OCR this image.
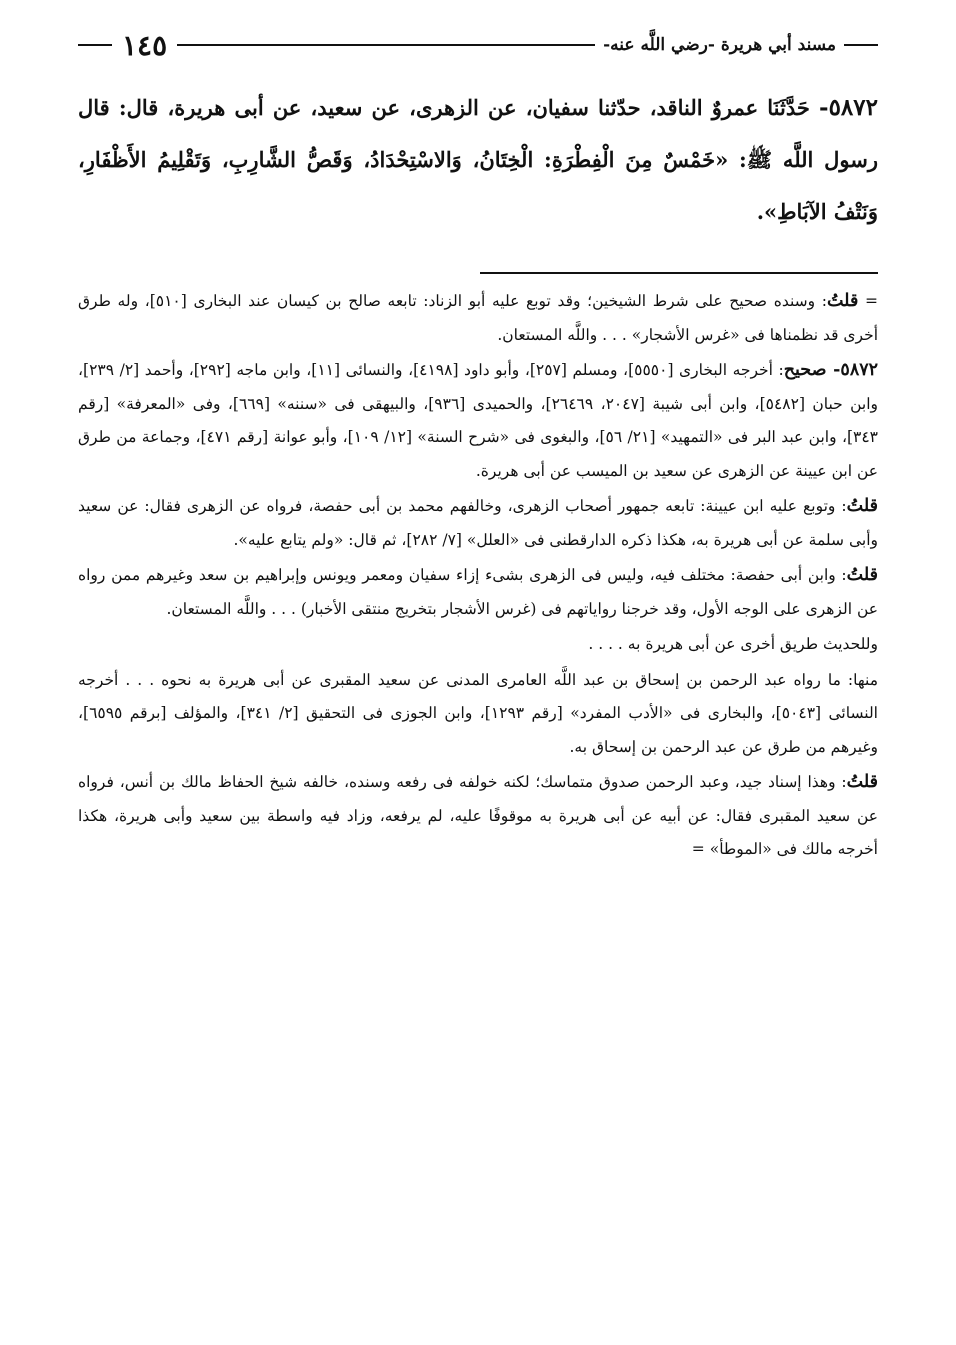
مسند أبي هريرة -رضي اللَّه عنه-
١٤٥
٥٨٧٢- حَدَّثَنَا عمروٌ الناقد، حدّثنا سفيان، عن الزهرى، عن سعيد، عن أبى هريرة، قال: قال رسول اللَّه ﷺ: «خَمْسٌ مِنَ الْفِطْرَةِ: الْخِتَانُ، وَالاسْتِحْدَادُ، وَقَصُّ الشَّارِبِ، وَتَقْلِيمُ الأَظْفَارِ، وَنَتْفُ الآبَاطِ».

= قلتُ: وسنده صحيح على شرط الشيخين؛ وقد توبع عليه أبو الزناد: تابعه صالح بن كيسان عند البخارى [٥١٠]، وله طرق أخرى قد نظمناها فى «غرس الأشجار» . . . واللَّه المستعان.

٥٨٧٢- صحيح: أخرجه البخارى [٥٥٥٠]، ومسلم [٢٥٧]، وأبو داود [٤١٩٨]، والنسائى [١١]، وابن ماجه [٢٩٢]، وأحمد [٢/ ٢٣٩]، وابن حبان [٥٤٨٢]، وابن أبى شيبة [٢٠٤٧، ٢٦٤٦٩]، والحميدى [٩٣٦]، والبيهقى فى «سننه» [٦٦٩]، وفى «المعرفة» [رقم ٣٤٣]، وابن عبد البر فى «التمهيد» [٢١/ ٥٦]، والبغوى فى «شرح السنة» [١٢/ ١٠٩]، وأبو عوانة [رقم ٤٧١]، وجماعة من طرق عن ابن عيينة عن الزهرى عن سعيد بن الميسب عن أبى هريرة.

قلتُ: وتوبع عليه ابن عيينة: تابعه جمهور أصحاب الزهرى، وخالفهم محمد بن أبى حفصة، فرواه عن الزهرى فقال: عن سعيد وأبى سلمة عن أبى هريرة به، هكذا ذكره الدارقطنى فى «العلل» [٧/ ٢٨٢]، ثم قال: «ولم يتابع عليه».

قلتُ: وابن أبى حفصة: مختلف فيه، وليس فى الزهرى بشىء إزاء سفيان ومعمر ويونس وإبراهيم بن سعد وغيرهم ممن رواه عن الزهرى على الوجه الأول، وقد خرجنا رواياتهم فى (غرس الأشجار بتخريج منتقى الأخبار) . . . واللَّه المستعان.

وللحديث طريق أخرى عن أبى هريرة به . . . .

منها: ما رواه عبد الرحمن بن إسحاق بن عبد اللَّه العامرى المدنى عن سعيد المقبرى عن أبى هريرة به نحوه . . . أخرجه النسائى [٥٠٤٣]، والبخارى فى «الأدب المفرد» [رقم ١٢٩٣]، وابن الجوزى فى التحقيق [٢/ ٣٤١]، والمؤلف [برقم ٦٥٩٥]، وغيرهم من طرق عن عبد الرحمن بن إسحاق به.

قلتُ: وهذا إسناد جيد، وعبد الرحمن صدوق متماسك؛ لكنه خولفه فى رفعه وسنده، خالفه شيخ الحفاظ مالك بن أنس، فرواه عن سعيد المقبرى فقال: عن أبيه عن أبى هريرة به موقوفًا عليه، لم يرفعه، وزاد فيه واسطة بين سعيد وأبى هريرة، هكذا أخرجه مالك فى «الموطأ» =
